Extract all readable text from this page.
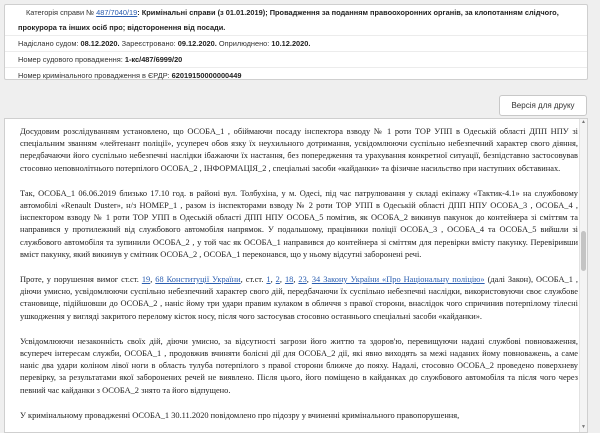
Категорія справи № 487/7040/19: Кримінальні справи (з 01.01.2019); Провадження за поданням правоохоронних органів, за клопотанням слідчого, прокурора та інших осіб про; відсторонення від посади.
Надіслано судом: 08.12.2020. Зареєстровано: 09.12.2020. Оприлюднено: 10.12.2020.
Номер судового провадження: 1-кс/487/6999/20
Номер кримінального провадження в ЄРДР: 62019150000000449
Версія для друку

Досудовим розслідуванням установлено, що ОСОБА_1 , обіймаючи посаду інспектора взводу № 1 роти ТОР УПП в Одеській області ДПП НПУ зі спеціальним званням «лейтенант поліції», усупереч обов язку їх неухильного дотримання, усвідомлюючи суспільно небезпечний характер свого діяння, передбачаючи його суспільно небезпечні наслідки ібажаючи їх настання, без попередження та урахування конкретної ситуації, безпідставно застосовував стосовно неповнолітнього потерпілого ОСОБА_2 , ІНФОРМАЦІЯ_2 , спеціальні засоби «кайданки» та фізичне насильство при наступних обставинах.

Так, ОСОБА_1 06.06.2019 близько 17.10 год. в районі вул. Толбухіна, у м. Одесі, під час патрулювання у складі екіпажу «Тактик-4.1» на службовому автомобілі «Renault Duster», н/з НОМЕР_1 , разом із інспекторами взводу № 2 роти ТОР УПП в Одеській області ДПП НПУ ОСОБА_3 , ОСОБА_4 , інспектором взводу № 1 роти ТОР УПП в Одеській області ДПП НПУ ОСОБА_5 помітив, як ОСОБА_2 викинув пакунок до контейнера зі сміттям та направився у протилежний від службового автомобіля напрямок. У подальшому, працівники поліції ОСОБА_3 , ОСОБА_4 та ОСОБА_5 вийшли зі службового автомобіля та зупинили ОСОБА_2 , у той час як ОСОБА_1 направився до контейнера зі сміттям для перевірки вмісту пакунку. Перевіривши вміст пакунку, який викинув у смітник ОСОБА_2 , ОСОБА_1 переконався, що у ньому відсутні заборонені речі.

Проте, у порушення вимог ст.ст. 19, 68 Конституції України, ст.ст. 1, 2, 18, 23, 34 Закону України «Про Національну поліцію» (далі Закон), ОСОБА_1 , діючи умисно, усвідомлюючи суспільно небезпечний характер свого дій, передбачаючи їх суспільно небезпечні наслідки, використовуючи своє службове становище, підійшовши до ОСОБА_2 , наніс йому три удари правим кулаком в обличчя з правої сторони, внаслідок чого спричинив потерпілому тілесні ушкодження у вигляді закритого перелому кісток носу, після чого застосував стосовно останнього спеціальні засоби «кайданки».

Усвідомлюючи незаконність своїх дій, діючи умисно, за відсутності загрози його життю та здоров'ю, перевищуючи надані службові повноваження, всупереч інтересам служби, ОСОБА_1 , продовжив вчиняти болісні дії для ОСОБА_2 дії, які явно виходять за межі наданих йому повноважень, а саме наніс два удари коліном лівої ноги в область тулуба потерпілого з правої сторони ближче до пояху. Надалі, стосовно ОСОБА_2 проведено поверхневу перевірку, за результатами якої заборонених речей не виявлено. Після цього, його поміщено в кайданках до службового автомобіля та після чого через певний час кайданки з ОСОБА_2 знято та його відпущено.

У кримінальному провадженні ОСОБА_1 30.11.2020 повідомлено про підозру у вчиненні кримінального правопорушення,

▲
▼
